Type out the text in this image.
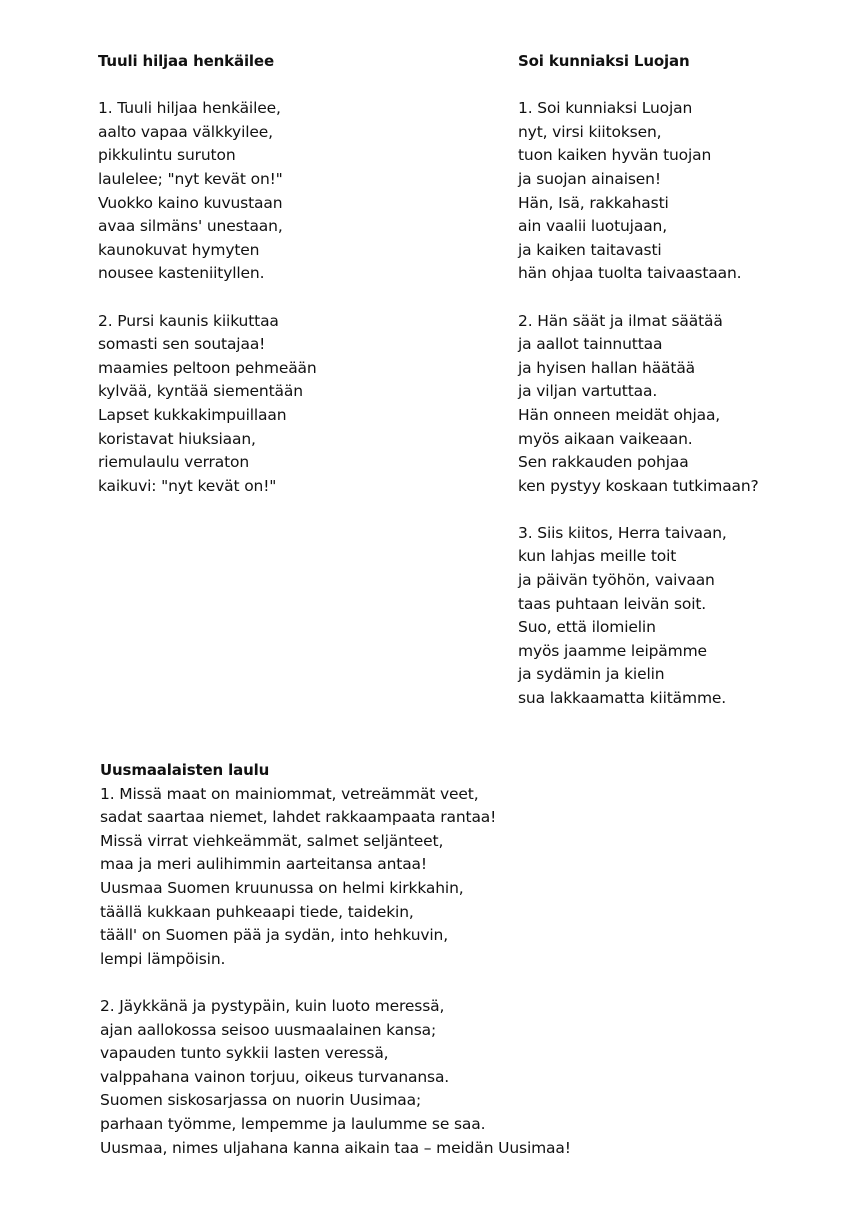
Tuuli hiljaa henkäilee
1. Tuuli hiljaa henkäilee,
aalto vapaa välkkyilee,
pikkulintu suruton
laulelee; "nyt kevät on!"
Vuokko kaino kuvustaan
avaa silmäns' unestaan,
kaunokuvat hymyten
nousee kasteniityllen.
2. Pursi kaunis kiikuttaa
somasti sen soutajaa!
maamies peltoon pehmeään
kylvää, kyntää siementään
Lapset kukkakimpuillaan
koristavat hiuksiaan,
riemulaulu verraton
kaikuvi: "nyt kevät on!"
Soi kunniaksi Luojan
1. Soi kunniaksi Luojan
nyt, virsi kiitoksen,
tuon kaiken hyvän tuojan
ja suojan ainaisen!
Hän, Isä, rakkahasti
ain vaalii luotujaan,
ja kaiken taitavasti
hän ohjaa tuolta taivaastaan.
2. Hän säät ja ilmat säätää
ja aallot tainnuttaa
ja hyisen hallan häätää
ja viljan vartuttaa.
Hän onneen meidät ohjaa,
myös aikaan vaikeaan.
Sen rakkauden pohjaa
ken pystyy koskaan tutkimaan?
3. Siis kiitos, Herra taivaan,
kun lahjas meille toit
ja päivän työhön, vaivaan
taas puhtaan leivän soit.
Suo, että ilomielin
myös jaamme leipämme
ja sydämin ja kielin
sua lakkaamatta kiitämme.
Uusmaalaisten laulu
1. Missä maat on mainiommat, vetreämmät veet,
sadat saartaa niemet, lahdet rakkaampaata rantaa!
Missä virrat viehkeämmät, salmet seljänteet,
maa ja meri aulihimmin aarteitansa antaa!
Uusmaa Suomen kruunussa on helmi kirkkahin,
täällä kukkaan puhkeaapi tiede, taidekin,
tääll' on Suomen pää ja sydän, into hehkuvin,
lempi lämpöisin.
2. Jäykkänä ja pystypäin, kuin luoto meressä,
ajan aallokossa seisoo uusmaalainen kansa;
vapauden tunto sykkii lasten veressä,
valppahana vainon torjuu, oikeus turvanansa.
Suomen siskosarjassa on nuorin Uusimaa;
parhaan työmme, lempemme ja laulumme se saa.
Uusmaa, nimes uljahana kanna aikain taa – meidän Uusimaa!
